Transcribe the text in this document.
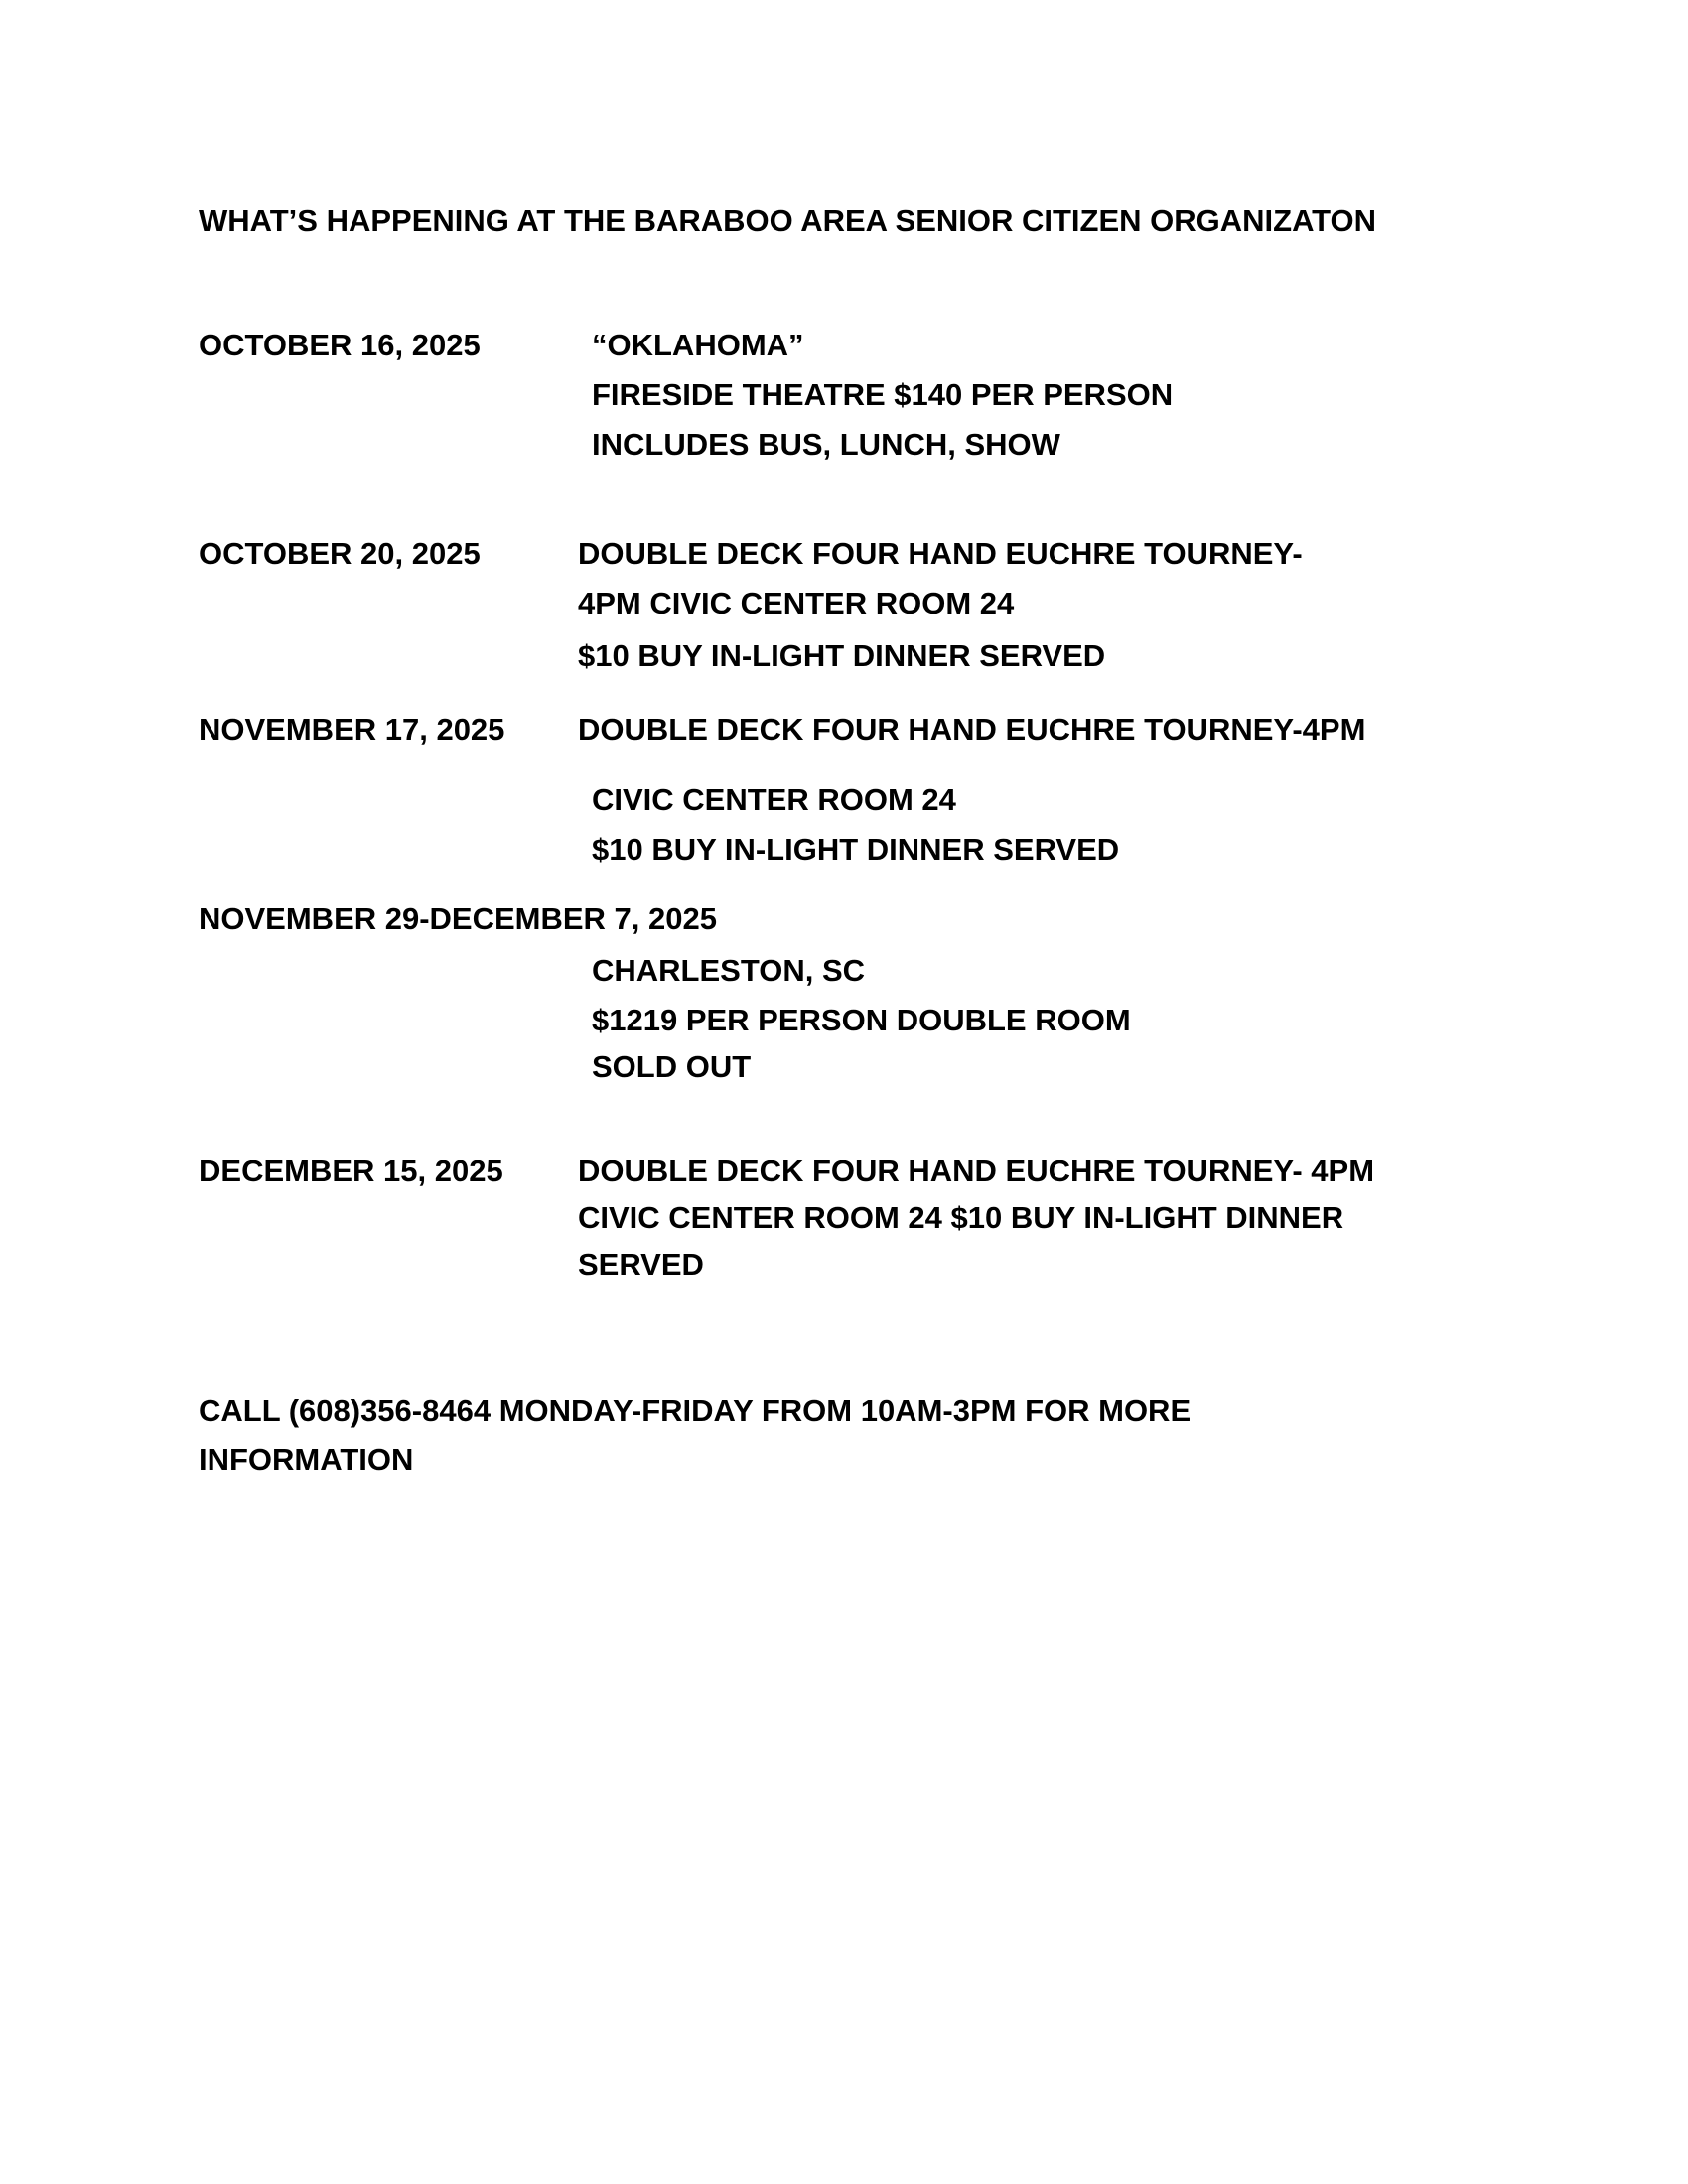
WHAT’S HAPPENING AT THE BARABOO AREA SENIOR CITIZEN ORGANIZATON
OCTOBER 16, 2025	“OKLAHOMA”
FIRESIDE THEATRE $140 PER PERSON
INCLUDES BUS, LUNCH, SHOW
OCTOBER 20, 2025	DOUBLE DECK FOUR HAND EUCHRE TOURNEY-
4PM CIVIC CENTER ROOM 24
$10 BUY IN-LIGHT DINNER SERVED
NOVEMBER 17, 2025 DOUBLE DECK FOUR HAND EUCHRE TOURNEY-4PM
CIVIC CENTER ROOM 24
$10 BUY IN-LIGHT DINNER SERVED
NOVEMBER 29-DECEMBER 7, 2025
CHARLESTON, SC
$1219 PER PERSON DOUBLE ROOM
SOLD OUT
DECEMBER 15, 2025 DOUBLE DECK FOUR HAND EUCHRE TOURNEY- 4PM
CIVIC CENTER ROOM 24 $10 BUY IN-LIGHT DINNER
SERVED
CALL (608)356-8464 MONDAY-FRIDAY FROM 10AM-3PM FOR MORE
INFORMATION
